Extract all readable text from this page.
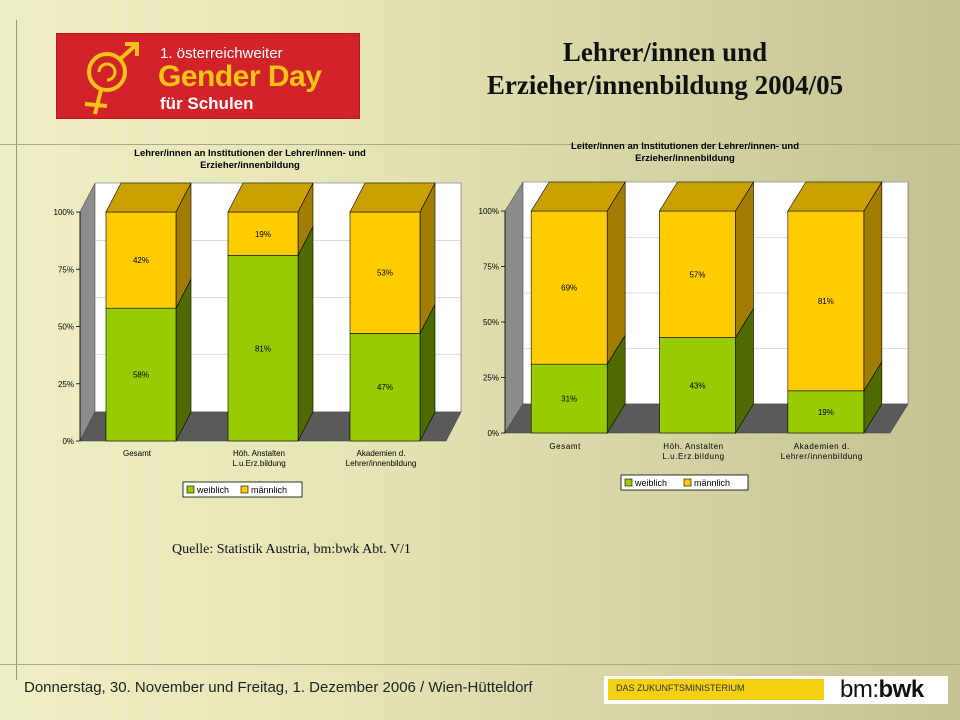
1. österreichweiter
Gender Day
für Schulen
Lehrer/innen und
Erzieher/innenbildung 2004/05
0%
25%
50%
75%
100%
58%
42%
Gesamt
81%
19%
Höh. Anstalten
L.u.Erz.bildung
47%
53%
Akademien d.
Lehrer/innenbildung
Lehrer/innen an Institutionen der Lehrer/innen- und
Erzieher/innenbildung
weiblich männlich
0%
25%
50%
75%
100%
31%
69%
Gesamt
43%
57%
Höh. Anstalten
L.u.Erz.bildung
19%
81%
Akademien d.
Lehrer/innenbildung
Leiter/innen an Institutionen der Lehrer/innen- und
Erzieher/innenbildung
weiblich	männlich
Quelle: Statistik Austria, bm:bwk Abt. V/1
Donnerstag, 30. November und Freitag, 1. Dezember 2006 / Wien-Hütteldorf	DAS ZUKUNFTSMINISTERIUM	bm:bwk
